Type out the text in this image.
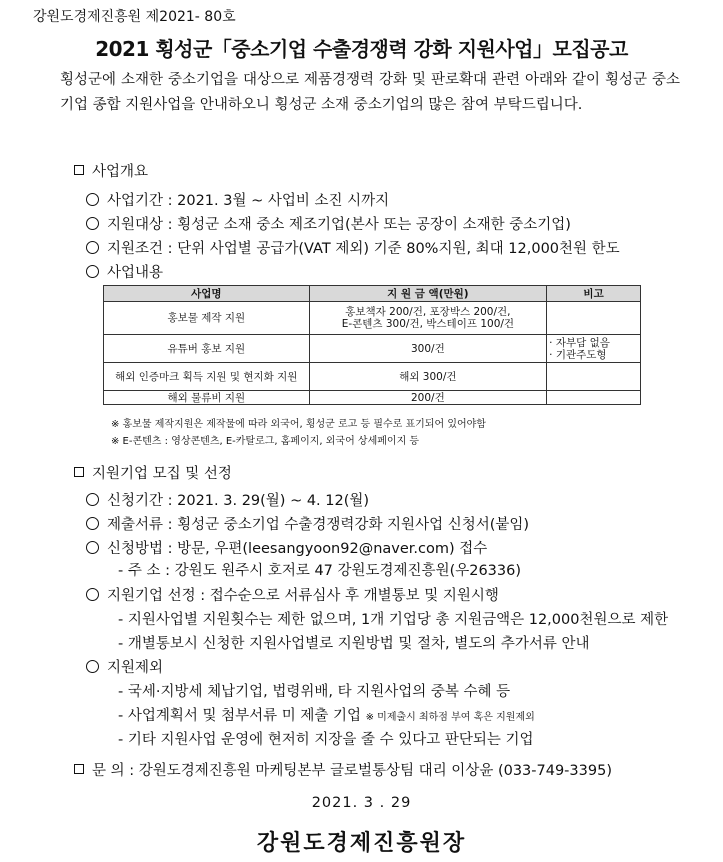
강원도경제진흥원 제2021- 80호
2021 횡성군「중소기업 수출경쟁력 강화 지원사업」모집공고
횡성군에 소재한 중소기업을 대상으로 제품경쟁력 강화 및 판로확대 관련 아래와 같이 횡성군 중소기업 종합 지원사업을 안내하오니 횡성군 소재 중소기업의 많은 참여 부탁드립니다.
사업개요
사업기간 : 2021. 3월 ~ 사업비 소진 시까지
지원대상 : 횡성군 소재 중소 제조기업(본사 또는 공장이 소재한 중소기업)
지원조건 : 단위 사업별 공급가(VAT 제외) 기준 80%지원, 최대 12,000천원 한도
사업내용
사업명	지 원 금 액(만원)	비고
홍보물 제작 지원	홍보책자 200/건, 포장박스 200/건,
E-콘텐츠 300/건, 박스테이프 100/건	
유튜버 홍보 지원	300/건	· 자부담 없음
· 기관주도형
해외 인증마크 획득 지원 및 현지화 지원	해외 300/건	
해외 물류비 지원	200/건	
※ 홍보물 제작지원은 제작물에 따라 외국어, 횡성군 로고 등 필수로 표기되어 있어야함
※ E-콘텐츠 : 영상콘텐츠, E-카탈로그, 홈페이지, 외국어 상세페이지 등
지원기업 모집 및 선정
신청기간 : 2021. 3. 29(월) ~ 4. 12(월)
제출서류 : 횡성군 중소기업 수출경쟁력강화 지원사업 신청서(붙임)
신청방법 : 방문, 우편(leesangyoon92@naver.com) 접수
- 주 소 : 강원도 원주시 호저로 47 강원도경제진흥원(우26336)
지원기업 선정 : 접수순으로 서류심사 후 개별통보 및 지원시행
- 지원사업별 지원횟수는 제한 없으며, 1개 기업당 총 지원금액은 12,000천원으로 제한
- 개별통보시 신청한 지원사업별로 지원방법 및 절차, 별도의 추가서류 안내
지원제외
- 국세·지방세 체납기업, 법령위배, 타 지원사업의 중복 수혜 등
- 사업계획서 및 첨부서류 미 제출 기업 ※ 미제출시 최하점 부여 혹은 지원제외
- 기타 지원사업 운영에 현저히 지장을 줄 수 있다고 판단되는 기업
문 의 : 강원도경제진흥원 마케팅본부 글로벌통상팀 대리 이상윤 (033-749-3395)
2021. 3 . 29
강원도경제진흥원장
